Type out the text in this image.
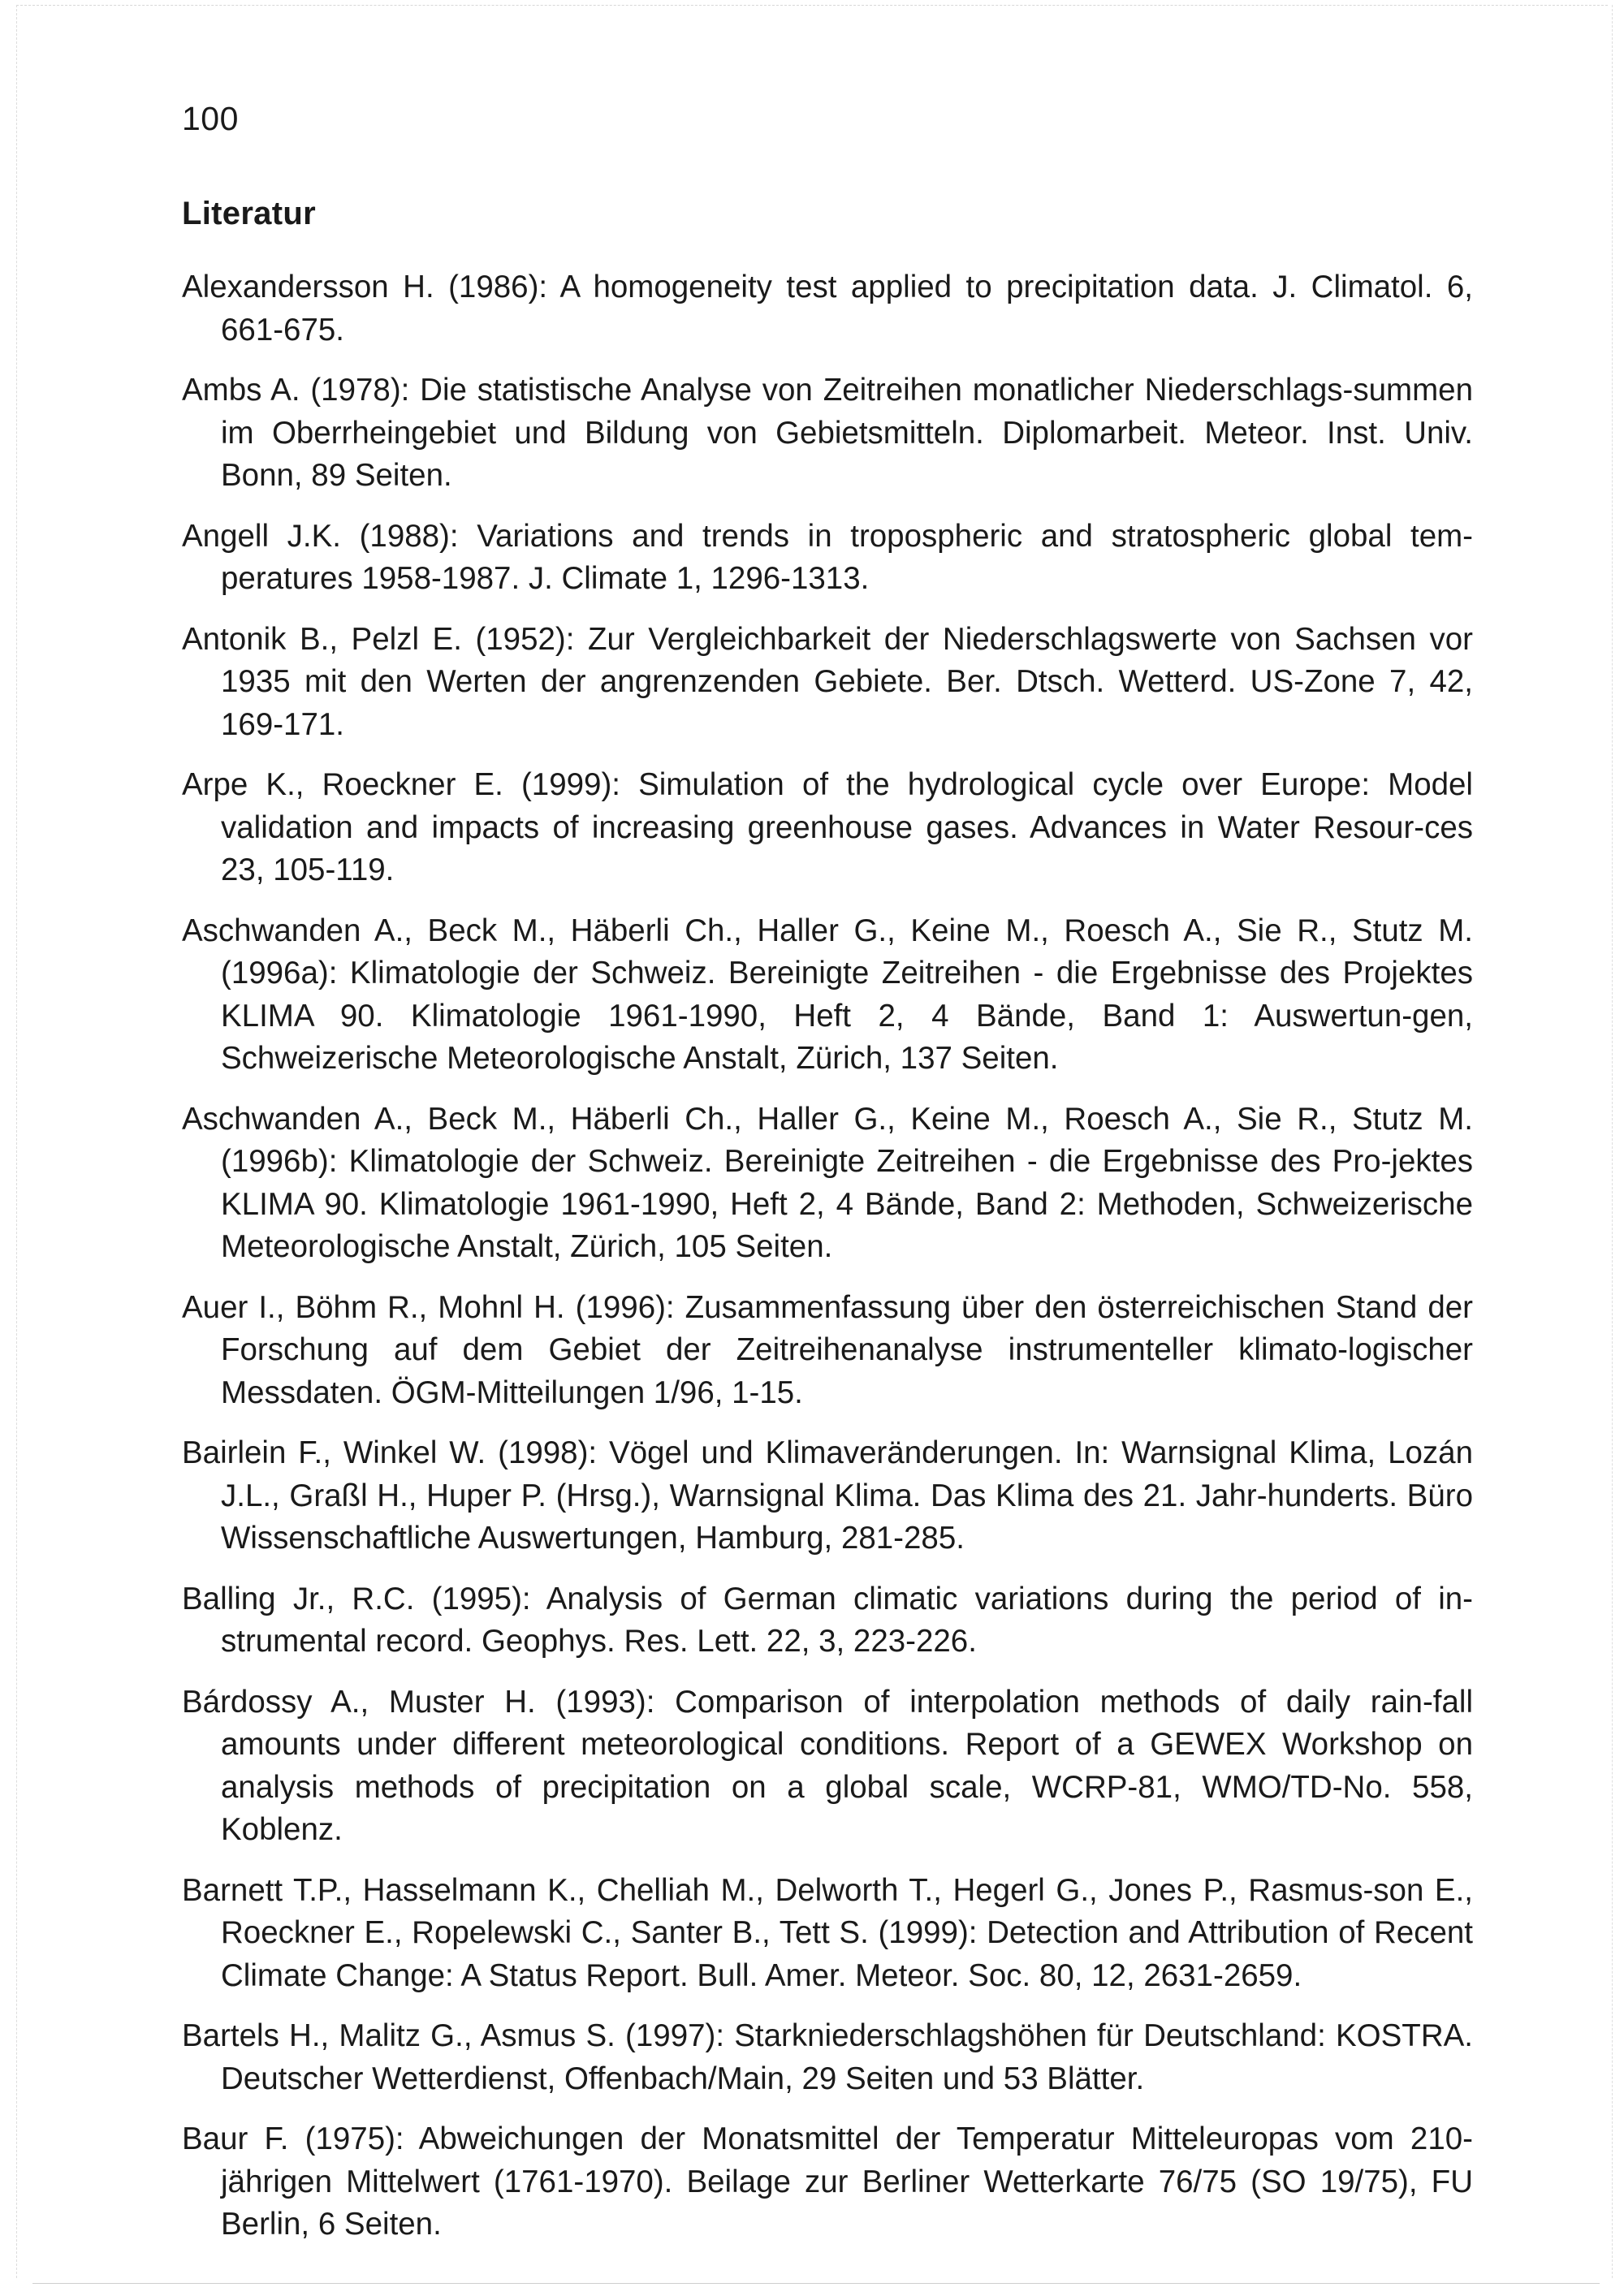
100
Literatur
Alexandersson H. (1986): A homogeneity test applied to precipitation data. J. Climatol. 6, 661-675.
Ambs A. (1978): Die statistische Analyse von Zeitreihen monatlicher Niederschlags-summen im Oberrheingebiet und Bildung von Gebietsmitteln. Diplomarbeit. Meteor. Inst. Univ. Bonn, 89 Seiten.
Angell J.K. (1988): Variations and trends in tropospheric and stratospheric global tem-peratures 1958-1987. J. Climate 1, 1296-1313.
Antonik B., Pelzl E. (1952): Zur Vergleichbarkeit der Niederschlagswerte von Sachsen vor 1935 mit den Werten der angrenzenden Gebiete. Ber. Dtsch. Wetterd. US-Zone 7, 42, 169-171.
Arpe K., Roeckner E. (1999): Simulation of the hydrological cycle over Europe: Model validation and impacts of increasing greenhouse gases. Advances in Water Resour-ces 23, 105-119.
Aschwanden A., Beck M., Häberli Ch., Haller G., Keine M., Roesch A., Sie R., Stutz M. (1996a): Klimatologie der Schweiz. Bereinigte Zeitreihen - die Ergebnisse des Projektes KLIMA 90. Klimatologie 1961-1990, Heft 2, 4 Bände, Band 1: Auswertun-gen, Schweizerische Meteorologische Anstalt, Zürich, 137 Seiten.
Aschwanden A., Beck M., Häberli Ch., Haller G., Keine M., Roesch A., Sie R., Stutz M. (1996b): Klimatologie der Schweiz. Bereinigte Zeitreihen - die Ergebnisse des Pro-jektes KLIMA 90. Klimatologie 1961-1990, Heft 2, 4 Bände, Band 2: Methoden, Schweizerische Meteorologische Anstalt, Zürich, 105 Seiten.
Auer I., Böhm R., Mohnl H. (1996): Zusammenfassung über den österreichischen Stand der Forschung auf dem Gebiet der Zeitreihenanalyse instrumenteller klimato-logischer Messdaten. ÖGM-Mitteilungen 1/96, 1-15.
Bairlein F., Winkel W. (1998): Vögel und Klimaveränderungen. In: Warnsignal Klima, Lozán J.L., Graßl H., Huper P. (Hrsg.), Warnsignal Klima. Das Klima des 21. Jahr-hunderts. Büro Wissenschaftliche Auswertungen, Hamburg, 281-285.
Balling Jr., R.C. (1995): Analysis of German climatic variations during the period of in-strumental record. Geophys. Res. Lett. 22, 3, 223-226.
Bárdossy A., Muster H. (1993): Comparison of interpolation methods of daily rain-fall amounts under different meteorological conditions. Report of a GEWEX Workshop on analysis methods of precipitation on a global scale, WCRP-81, WMO/TD-No. 558, Koblenz.
Barnett T.P., Hasselmann K., Chelliah M., Delworth T., Hegerl G., Jones P., Rasmus-son E., Roeckner E., Ropelewski C., Santer B., Tett S. (1999): Detection and Attribution of Recent Climate Change: A Status Report. Bull. Amer. Meteor. Soc. 80, 12, 2631-2659.
Bartels H., Malitz G., Asmus S. (1997): Starkniederschlagshöhen für Deutschland: KOSTRA. Deutscher Wetterdienst, Offenbach/Main, 29 Seiten und 53 Blätter.
Baur F. (1975): Abweichungen der Monatsmittel der Temperatur Mitteleuropas vom 210-jährigen Mittelwert (1761-1970). Beilage zur Berliner Wetterkarte 76/75 (SO 19/75), FU Berlin, 6 Seiten.
